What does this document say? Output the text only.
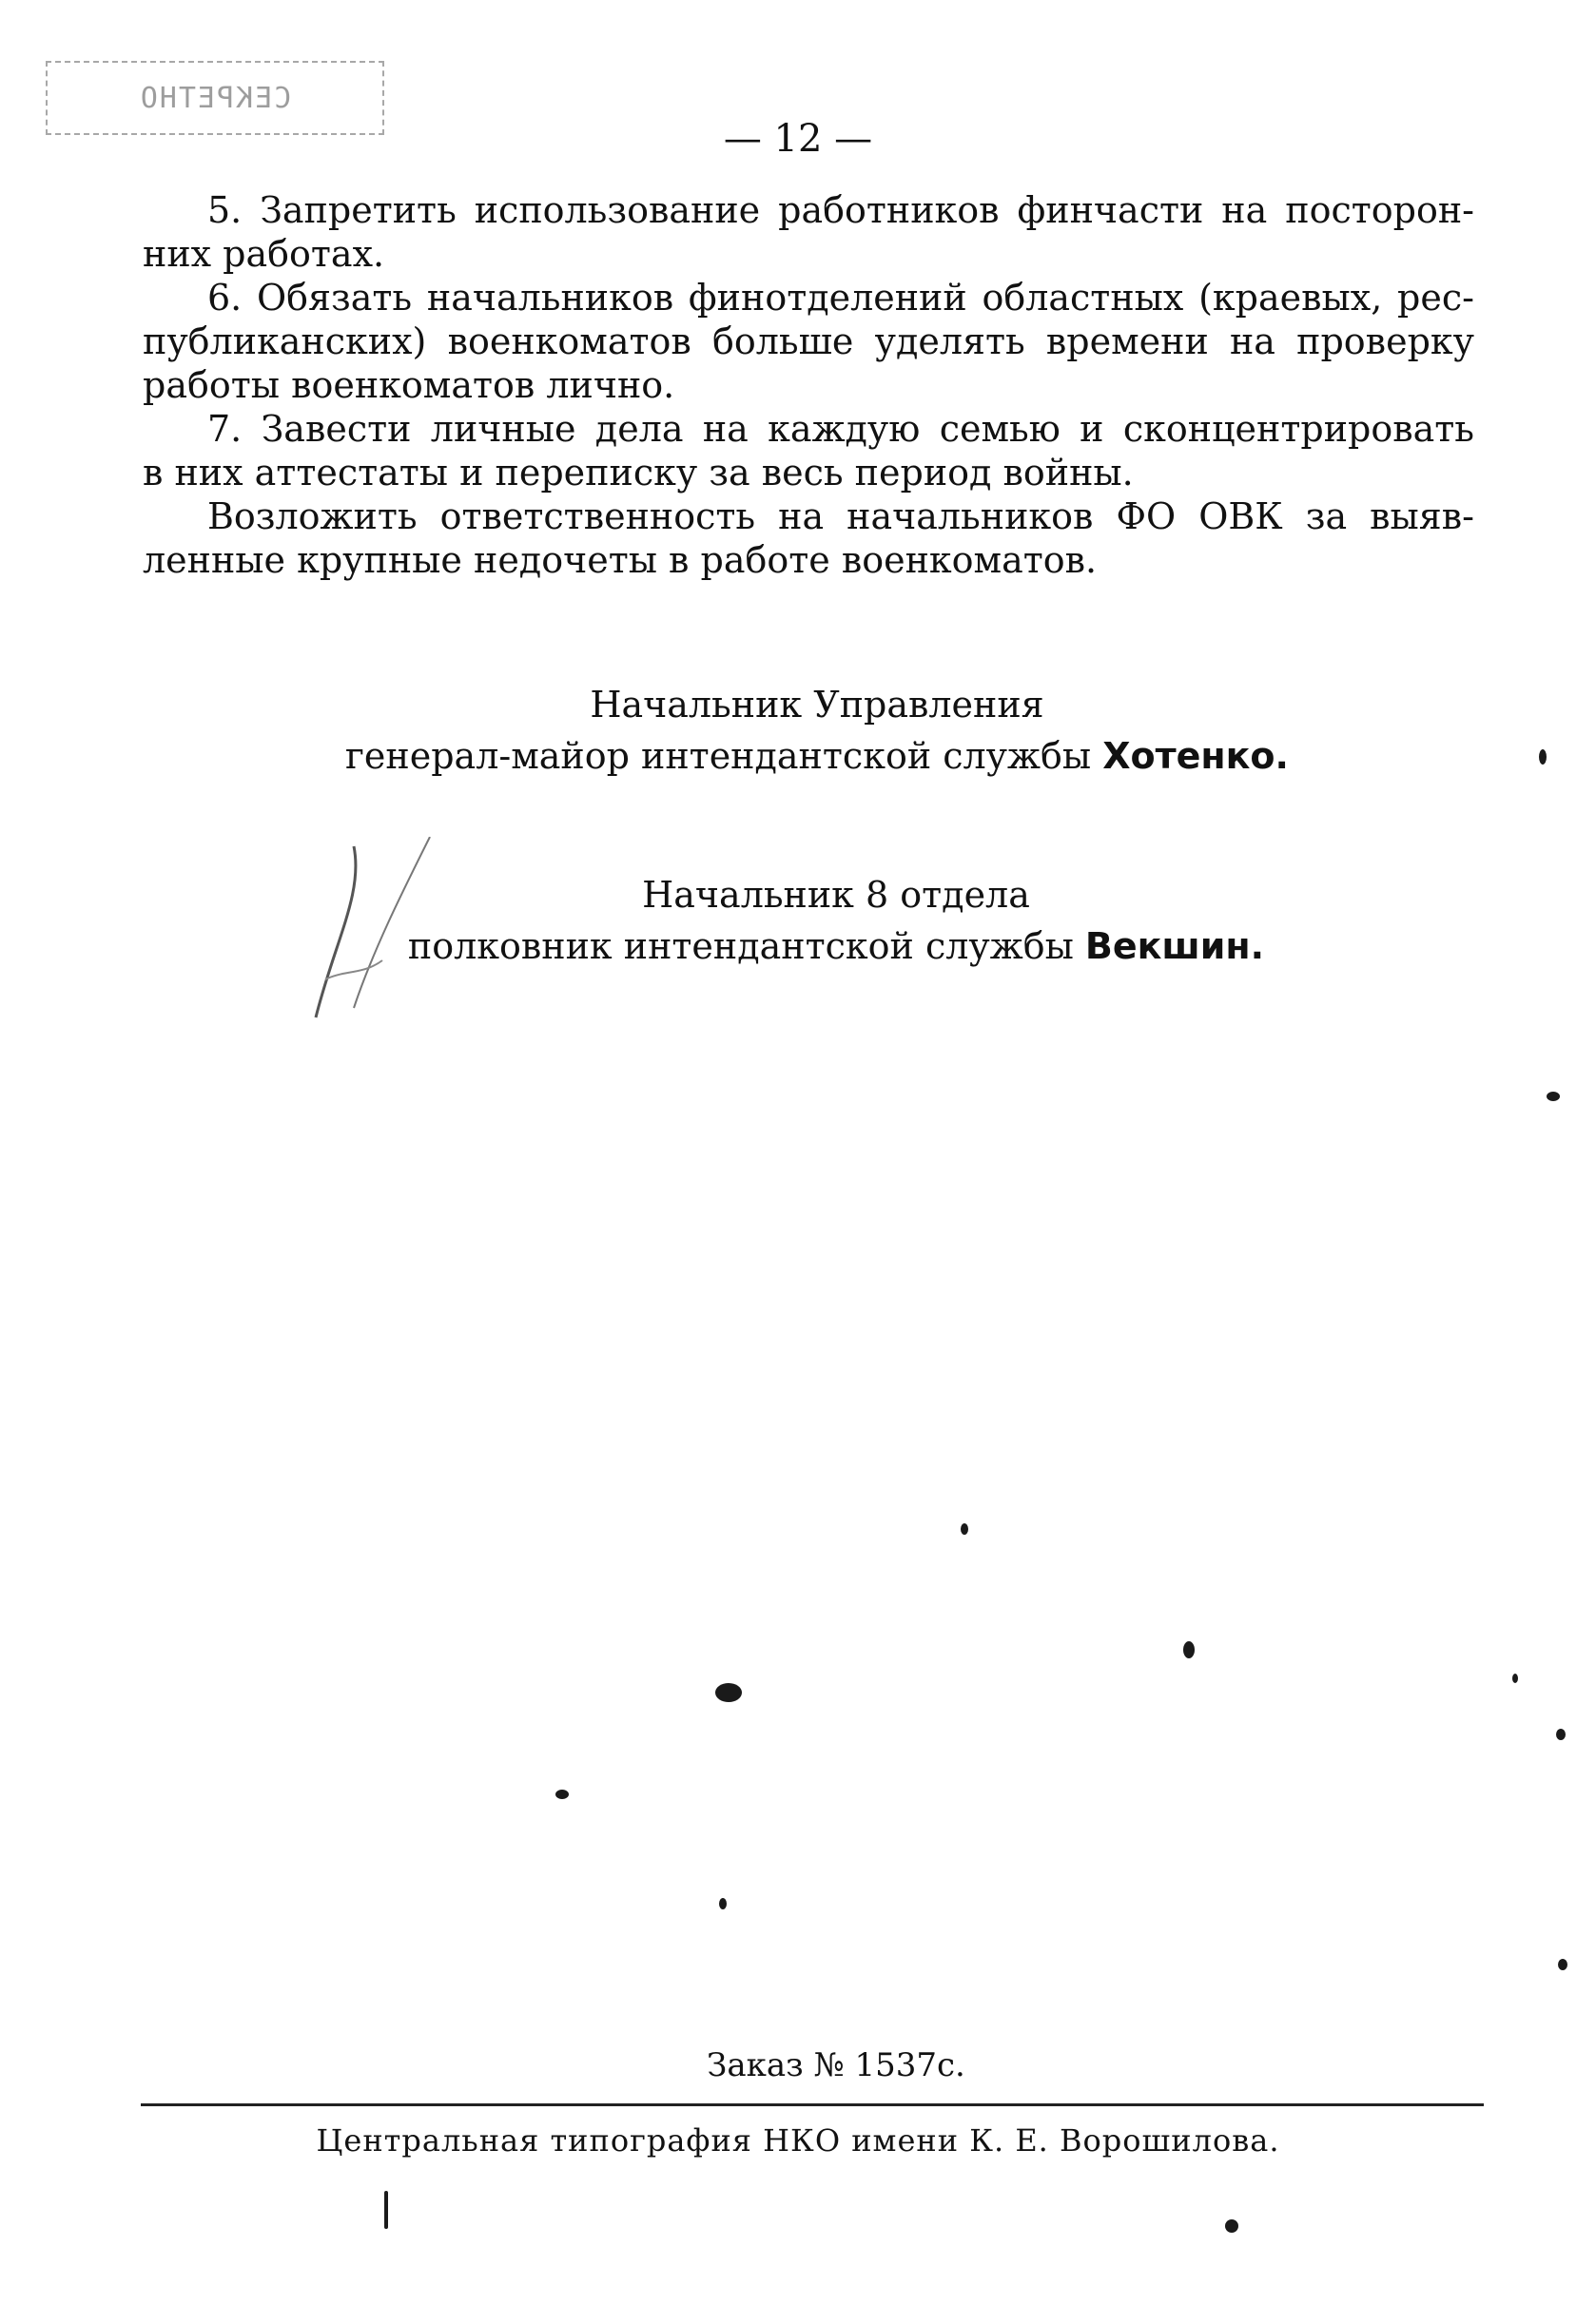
СЕКРЕТНО
— 12 —
5. Запретить использование работников финчасти на посторон-
них работах.
6. Обязать начальников финотделений областных (краевых, рес-
публиканских) военкоматов больше уделять времени на проверку
работы военкоматов лично.
7. Завести личные дела на каждую семью и сконцентрировать
в них аттестаты и переписку за весь период войны.
Возложить ответственность на начальников ФО ОВК за выяв-
ленные крупные недочеты в работе военкоматов.
Начальник Управления
генерал-майор интендантской службы Хотенко.
Начальник 8 отдела
полковник интендантской службы Векшин.
Заказ № 1537с.
Центральная типография НКО имени К. Е. Ворошилова.
